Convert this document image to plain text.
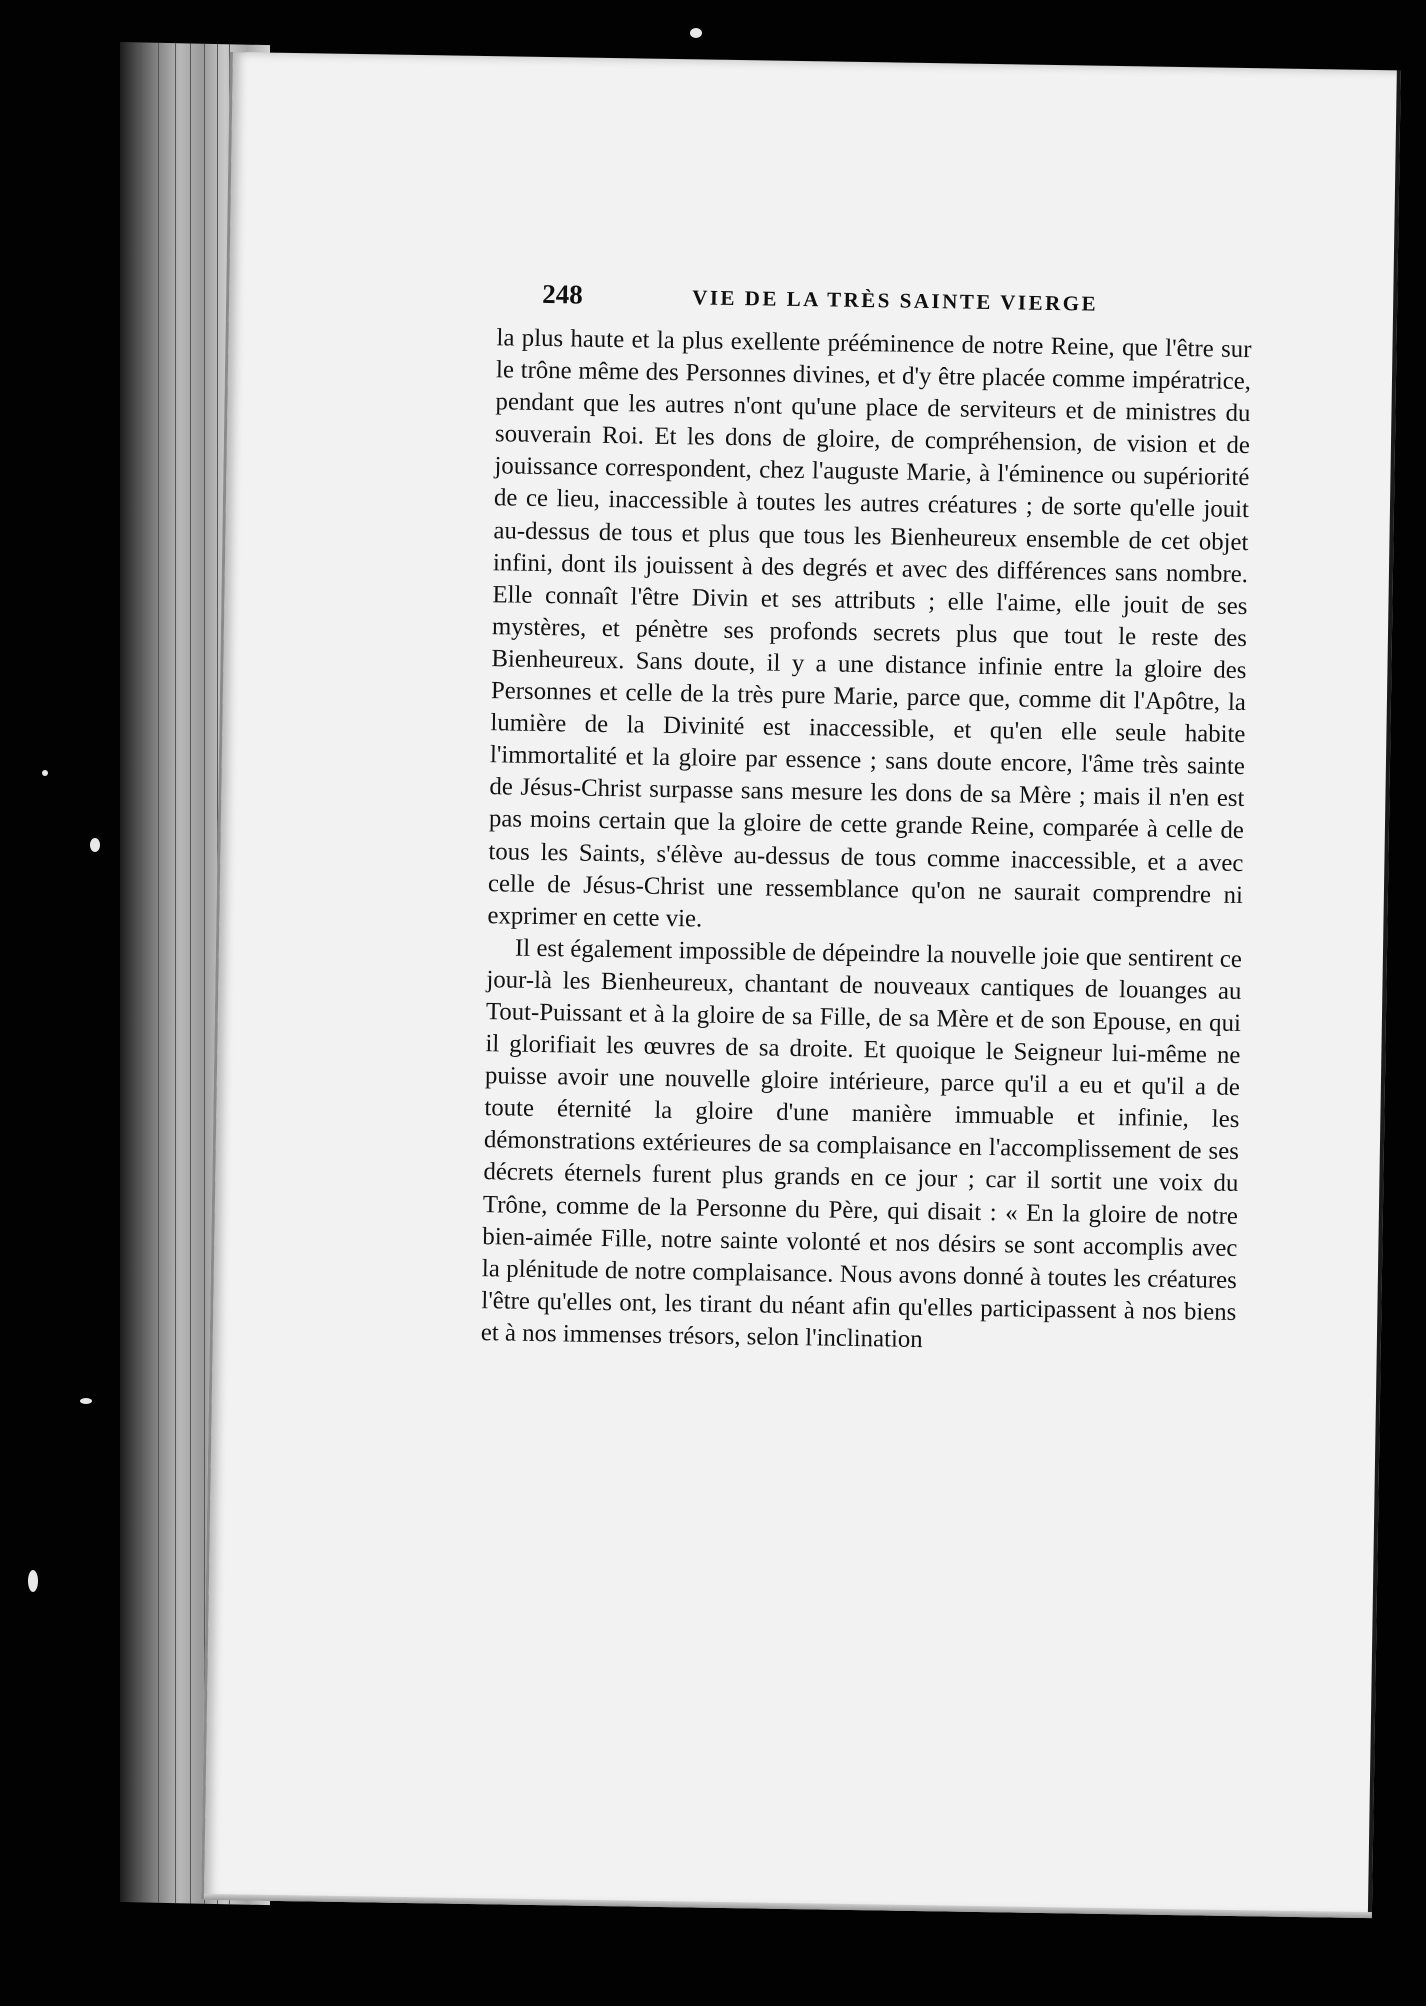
248	VIE DE LA TRÈS SAINTE VIERGE

la plus haute et la plus exellente prééminence de notre Reine, que l'être sur le trône même des Personnes divines, et d'y être placée comme impératrice, pendant que les autres n'ont qu'une place de serviteurs et de ministres du souverain Roi. Et les dons de gloire, de compréhension, de vision et de jouissance correspondent, chez l'auguste Marie, à l'éminence ou supériorité de ce lieu, inaccessible à toutes les autres créatures ; de sorte qu'elle jouit au-dessus de tous et plus que tous les Bienheureux ensemble de cet objet infini, dont ils jouissent à des degrés et avec des différences sans nombre. Elle connaît l'être Divin et ses attributs ; elle l'aime, elle jouit de ses mystères, et pénètre ses profonds secrets plus que tout le reste des Bienheureux. Sans doute, il y a une distance infinie entre la gloire des Personnes et celle de la très pure Marie, parce que, comme dit l'Apôtre, la lumière de la Divinité est inaccessible, et qu'en elle seule habite l'immortalité et la gloire par essence ; sans doute encore, l'âme très sainte de Jésus-Christ surpasse sans mesure les dons de sa Mère ; mais il n'en est pas moins certain que la gloire de cette grande Reine, comparée à celle de tous les Saints, s'élève au-dessus de tous comme inaccessible, et a avec celle de Jésus-Christ une ressemblance qu'on ne saurait comprendre ni exprimer en cette vie.

Il est également impossible de dépeindre la nouvelle joie que sentirent ce jour-là les Bienheureux, chantant de nouveaux cantiques de louanges au Tout-Puissant et à la gloire de sa Fille, de sa Mère et de son Epouse, en qui il glorifiait les œuvres de sa droite. Et quoique le Seigneur lui-même ne puisse avoir une nouvelle gloire intérieure, parce qu'il a eu et qu'il a de toute éternité la gloire d'une manière immuable et infinie, les démonstrations extérieures de sa complaisance en l'accomplissement de ses décrets éternels furent plus grands en ce jour ; car il sortit une voix du Trône, comme de la Personne du Père, qui disait : « En la gloire de notre bien-aimée Fille, notre sainte volonté et nos désirs se sont accomplis avec la plénitude de notre complaisance. Nous avons donné à toutes les créatures l'être qu'elles ont, les tirant du néant afin qu'elles participassent à nos biens et à nos immenses trésors, selon l'inclination
